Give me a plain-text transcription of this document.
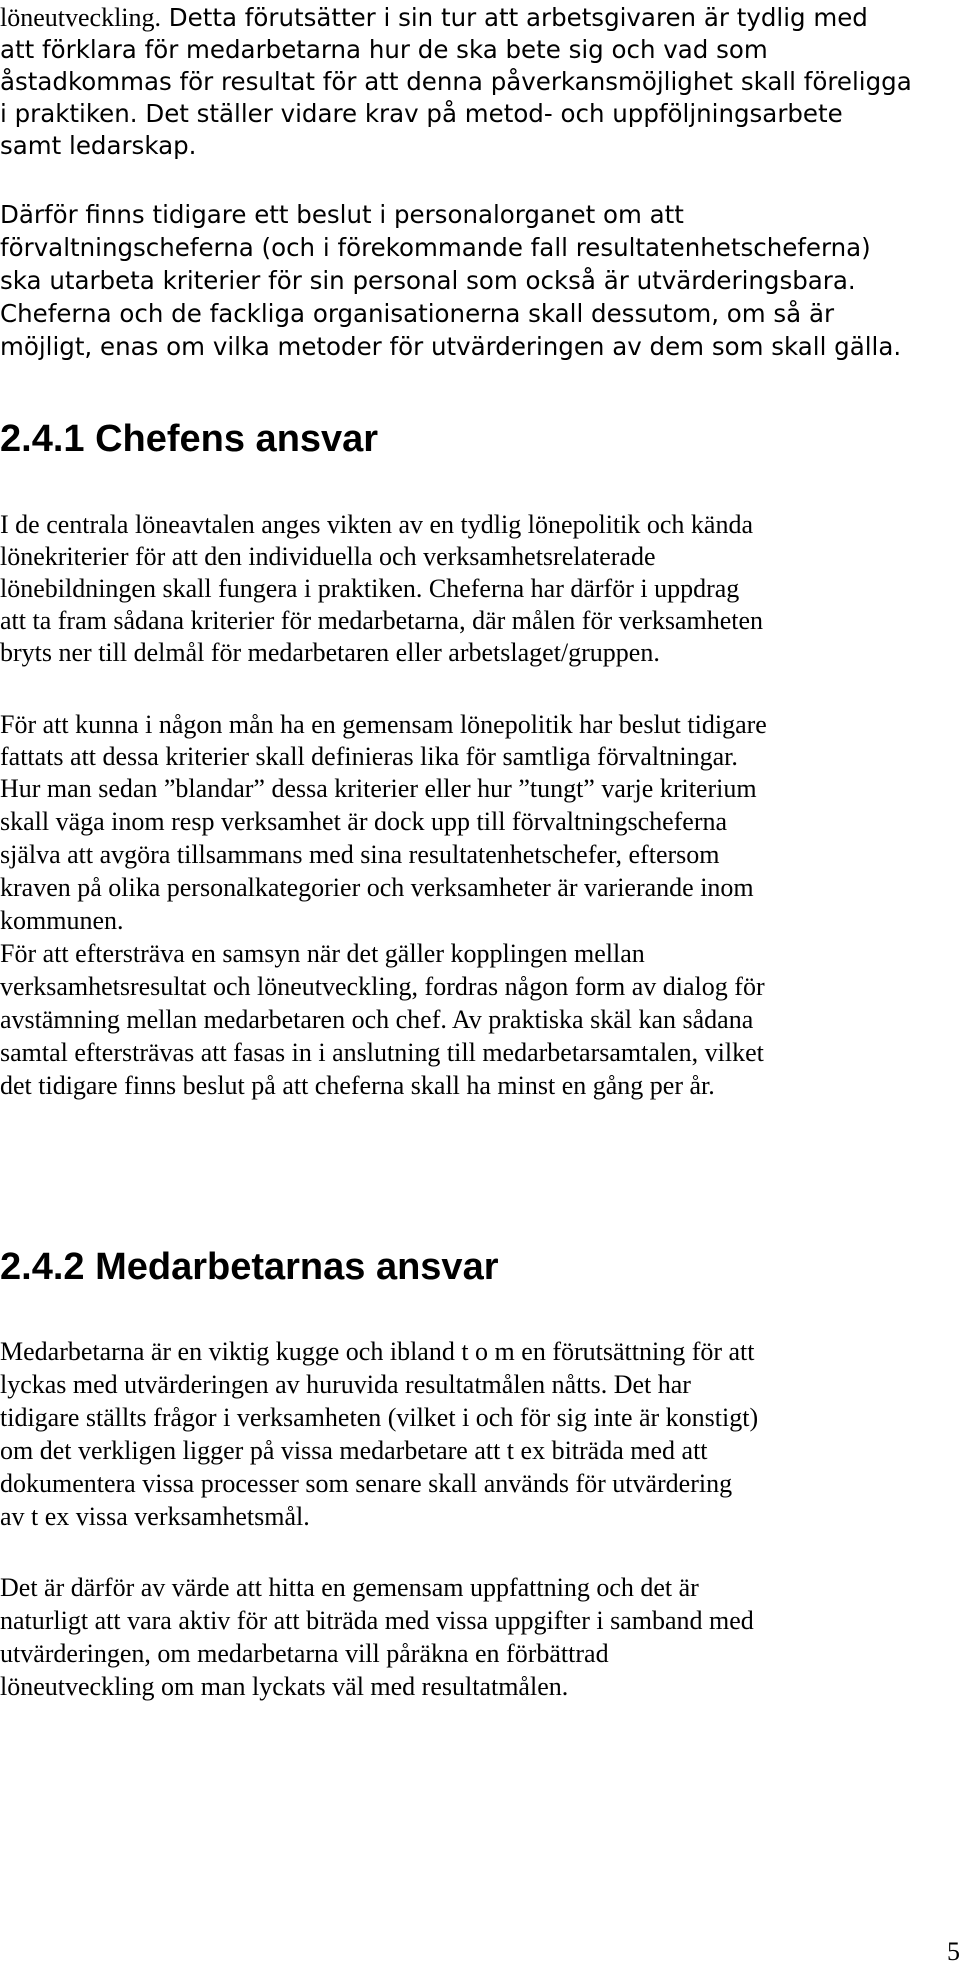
löneutveckling. Detta förutsätter i sin tur att arbetsgivaren är tydlig med
att förklara för medarbetarna hur de ska bete sig och vad som
åstadkommas för resultat för att denna påverkansmöjlighet skall föreligga
i praktiken. Det ställer vidare krav på metod- och uppföljningsarbete
samt ledarskap.
Därför finns tidigare ett beslut i personalorganet om att
förvaltningscheferna (och i förekommande fall resultatenhetscheferna)
ska utarbeta kriterier för sin personal som också är utvärderingsbara.
Cheferna och de fackliga organisationerna skall dessutom, om så är
möjligt, enas om vilka metoder för utvärderingen av dem som skall gälla.
2.4.1 Chefens ansvar
I de centrala löneavtalen anges vikten av en tydlig lönepolitik och kända
lönekriterier för att den individuella och verksamhetsrelaterade
lönebildningen skall fungera i praktiken. Cheferna har därför i uppdrag
att ta fram sådana kriterier för medarbetarna, där målen för verksamheten
bryts ner till delmål för medarbetaren eller arbetslaget/gruppen.
För att kunna i någon mån ha en gemensam lönepolitik har beslut tidigare
fattats att dessa kriterier skall definieras lika för samtliga förvaltningar.
Hur man sedan ”blandar” dessa kriterier eller hur ”tungt” varje kriterium
skall väga inom resp verksamhet är dock upp till förvaltningscheferna
själva att avgöra tillsammans med sina resultatenhetschefer, eftersom
kraven på olika personalkategorier och verksamheter är varierande inom
kommunen.
För att eftersträva en samsyn när det gäller kopplingen mellan
verksamhetsresultat och löneutveckling, fordras någon form av dialog för
avstämning mellan medarbetaren och chef. Av praktiska skäl kan sådana
samtal eftersträvas att fasas in i anslutning till medarbetarsamtalen, vilket
det tidigare finns beslut på att cheferna skall ha minst en gång per år.
2.4.2 Medarbetarnas ansvar
Medarbetarna är en viktig kugge och ibland t o m en förutsättning för att
lyckas med utvärderingen av huruvida resultatmålen nåtts. Det har
tidigare ställts frågor i verksamheten (vilket i och för sig inte är konstigt)
om det verkligen ligger på vissa medarbetare att t ex biträda med att
dokumentera vissa processer som senare skall används för utvärdering
av t ex vissa verksamhetsmål.
Det är därför av värde att hitta en gemensam uppfattning och det är
naturligt att vara aktiv för att biträda med vissa uppgifter i samband med
utvärderingen, om medarbetarna vill påräkna en förbättrad
löneutveckling om man lyckats väl med resultatmålen.
5
